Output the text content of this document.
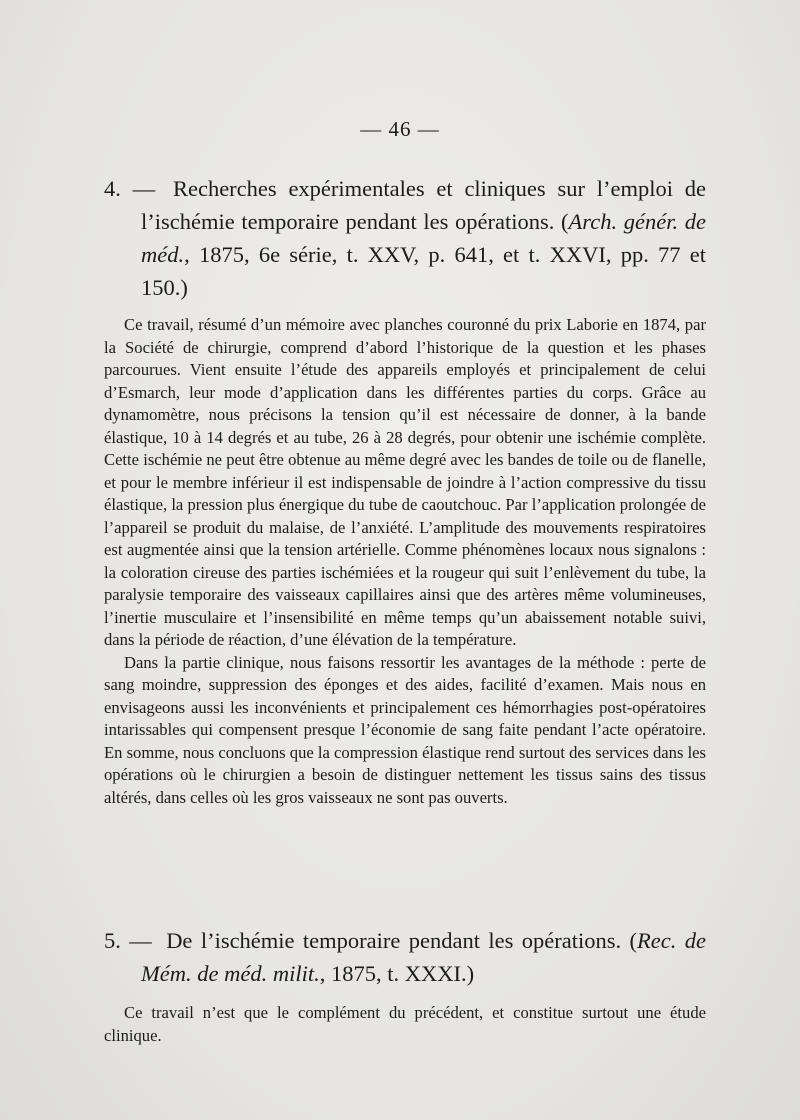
— 46 —

4. — Recherches expérimentales et cliniques sur l’emploi de l’ischémie temporaire pendant les opérations. (Arch. génér. de méd., 1875, 6e série, t. XXV, p. 641, et t. XXVI, pp. 77 et 150.)

Ce travail, résumé d’un mémoire avec planches couronné du prix Laborie en 1874, par la Société de chirurgie, comprend d’abord l’historique de la question et les phases parcourues. Vient ensuite l’étude des appareils employés et principalement de celui d’Esmarch, leur mode d’application dans les différentes parties du corps. Grâce au dynamomètre, nous précisons la tension qu’il est nécessaire de donner, à la bande élastique, 10 à 14 degrés et au tube, 26 à 28 degrés, pour obtenir une ischémie complète. Cette ischémie ne peut être obtenue au même degré avec les bandes de toile ou de flanelle, et pour le membre inférieur il est indispensable de joindre à l’action compressive du tissu élastique, la pression plus énergique du tube de caoutchouc. Par l’application prolongée de l’appareil se produit du malaise, de l’anxiété. L’amplitude des mouvements respiratoires est augmentée ainsi que la tension artérielle. Comme phénomènes locaux nous signalons : la coloration cireuse des parties ischémiées et la rougeur qui suit l’enlèvement du tube, la paralysie temporaire des vaisseaux capillaires ainsi que des artères même volumineuses, l’inertie musculaire et l’insensibilité en même temps qu’un abaissement notable suivi, dans la période de réaction, d’une élévation de la température.

Dans la partie clinique, nous faisons ressortir les avantages de la méthode : perte de sang moindre, suppression des éponges et des aides, facilité d’examen. Mais nous en envisageons aussi les inconvénients et principalement ces hémorrhagies post-opératoires intarissables qui compensent presque l’économie de sang faite pendant l’acte opératoire. En somme, nous concluons que la compression élastique rend surtout des services dans les opérations où le chirurgien a besoin de distinguer nettement les tissus sains des tissus altérés, dans celles où les gros vaisseaux ne sont pas ouverts.

5. — De l’ischémie temporaire pendant les opérations. (Rec. de Mém. de méd. milit., 1875, t. XXXI.)

Ce travail n’est que le complément du précédent, et constitue surtout une étude clinique.
